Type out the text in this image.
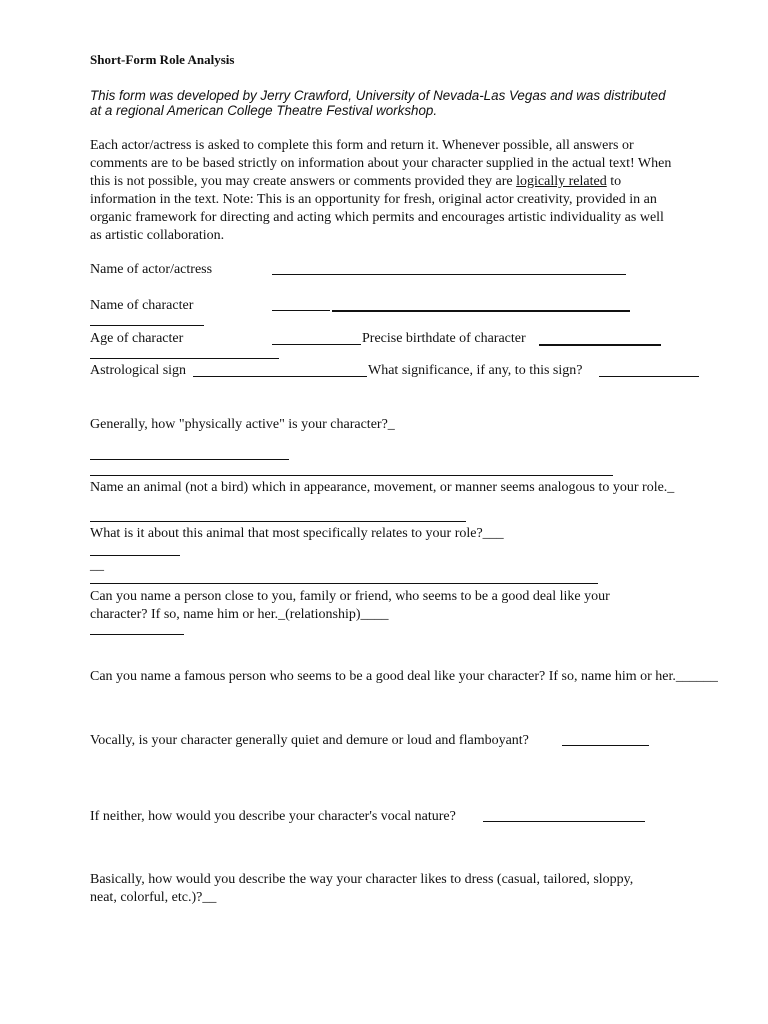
Short-Form Role Analysis
This form was developed by Jerry Crawford, University of Nevada-Las Vegas and was distributed
at a regional American College Theatre Festival workshop.
Each actor/actress is asked to complete this form and return it. Whenever possible, all answers or
comments are to be based strictly on information about your character supplied in the actual text! When
this is not possible, you may create answers or comments provided they are logically related to
information in the text. Note: This is an opportunity for fresh, original actor creativity, provided in an
organic framework for directing and acting which permits and encourages artistic individuality as well
as artistic collaboration.
Name of actor/actress
Name of character
Age of character	Precise birthdate of character
Astrological sign	What significance, if any, to this sign?
Generally, how "physically active" is your character?_
Name an animal (not a bird) which in appearance, movement, or manner seems analogous to your role._
What is it about this animal that most specifically relates to your role?___
__
Can you name a person close to you, family or friend, who seems to be a good deal like your
character? If so, name him or her._(relationship)____
Can you name a famous person who seems to be a good deal like your character? If so, name him or her.______
Vocally, is your character generally quiet and demure or loud and flamboyant?
If neither, how would you describe your character's vocal nature?
Basically, how would you describe the way your character likes to dress (casual, tailored, sloppy,
neat, colorful, etc.)?__
